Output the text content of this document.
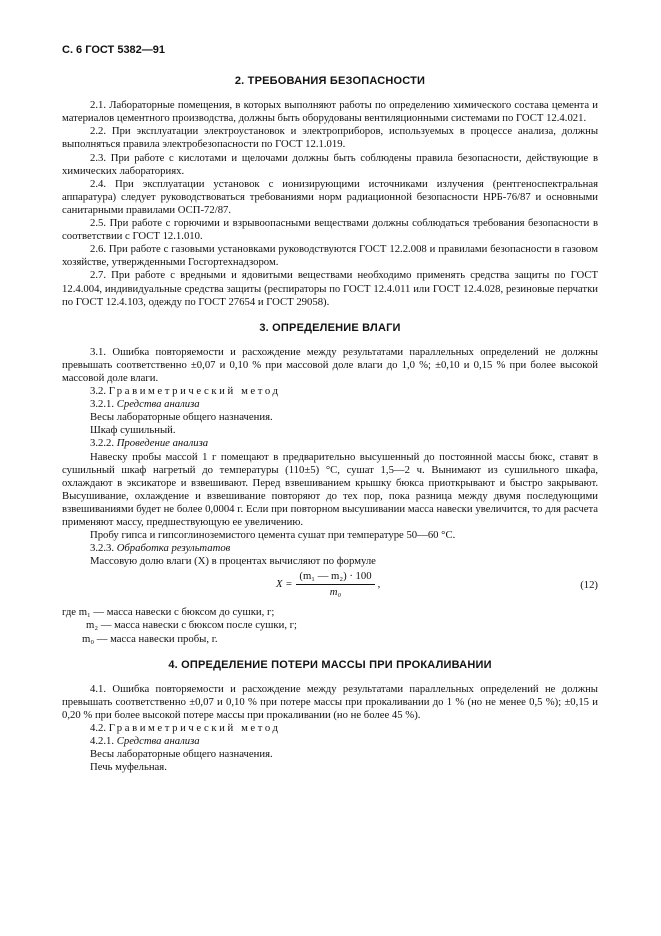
С. 6 ГОСТ 5382—91
2. ТРЕБОВАНИЯ БЕЗОПАСНОСТИ

2.1. Лабораторные помещения, в которых выполняют работы по определению химического состава цемента и материалов цементного производства, должны быть оборудованы вентиляционными системами по ГОСТ 12.4.021.

2.2. При эксплуатации электроустановок и электроприборов, используемых в процессе анализа, должны выполняться правила электробезопасности по ГОСТ 12.1.019.

2.3. При работе с кислотами и щелочами должны быть соблюдены правила безопасности, действующие в химических лабораториях.

2.4. При эксплуатации установок с ионизирующими источниками излучения (рентгеноспектральная аппаратура) следует руководствоваться требованиями норм радиационной безопасности НРБ-76/87 и основными санитарными правилами ОСП-72/87.

2.5. При работе с горючими и взрывоопасными веществами должны соблюдаться требования безопасности в соответствии с ГОСТ 12.1.010.

2.6. При работе с газовыми установками руководствуются ГОСТ 12.2.008 и правилами безопасности в газовом хозяйстве, утвержденными Госгортехнадзором.

2.7. При работе с вредными и ядовитыми веществами необходимо применять средства защиты по ГОСТ 12.4.004, индивидуальные средства защиты (респираторы по ГОСТ 12.4.011 или ГОСТ 12.4.028, резиновые перчатки по ГОСТ 12.4.103, одежду по ГОСТ 27654 и ГОСТ 29058).

3. ОПРЕДЕЛЕНИЕ ВЛАГИ

3.1. Ошибка повторяемости и расхождение между результатами параллельных определений не должны превышать соответственно ±0,07 и 0,10 % при массовой доле влаги до 1,0 %; ±0,10 и 0,15 % при более высокой массовой доле влаги.

3.2. Гравиметрический метод

3.2.1. Средства анализа

Весы лабораторные общего назначения.

Шкаф сушильный.

3.2.2. Проведение анализа

Навеску пробы массой 1 г помещают в предварительно высушенный до постоянной массы бюкс, ставят в сушильный шкаф нагретый до температуры (110±5) °С, сушат 1,5—2 ч. Вынимают из сушильного шкафа, охлаждают в эксикаторе и взвешивают. Перед взвешиванием крышку бюкса приоткрывают и быстро закрывают. Высушивание, охлаждение и взвешивание повторяют до тех пор, пока разница между двумя последующими взвешиваниями будет не более 0,0004 г. Если при повторном высушивании масса навески увеличится, то для расчета применяют массу, предшествующую ее увеличению.

Пробу гипса и гипсоглиноземистого цемента сушат при температуре 50—60 °С.

3.2.3. Обработка результатов

Массовую долю влаги (X) в процентах вычисляют по формуле

$X = \frac{\text{(m₁ — m₂) · 100}}{\text{m₀}}$ ,	(12)

где m₁ — масса навески с бюксом до сушки, г;

m₂ — масса навески с бюксом после сушки, г;

m₀ — масса навески пробы, г.

4. ОПРЕДЕЛЕНИЕ ПОТЕРИ МАССЫ ПРИ ПРОКАЛИВАНИИ

4.1. Ошибка повторяемости и расхождение между результатами параллельных определений не должны превышать соответственно ±0,07 и 0,10 % при потере массы при прокаливании до 1 % (но не менее 0,5 %); ±0,15 и 0,20 % при более высокой потере массы при прокаливании (но не более 45 %).

4.2. Гравиметрический метод

4.2.1. Средства анализа

Весы лабораторные общего назначения.

Печь муфельная.
